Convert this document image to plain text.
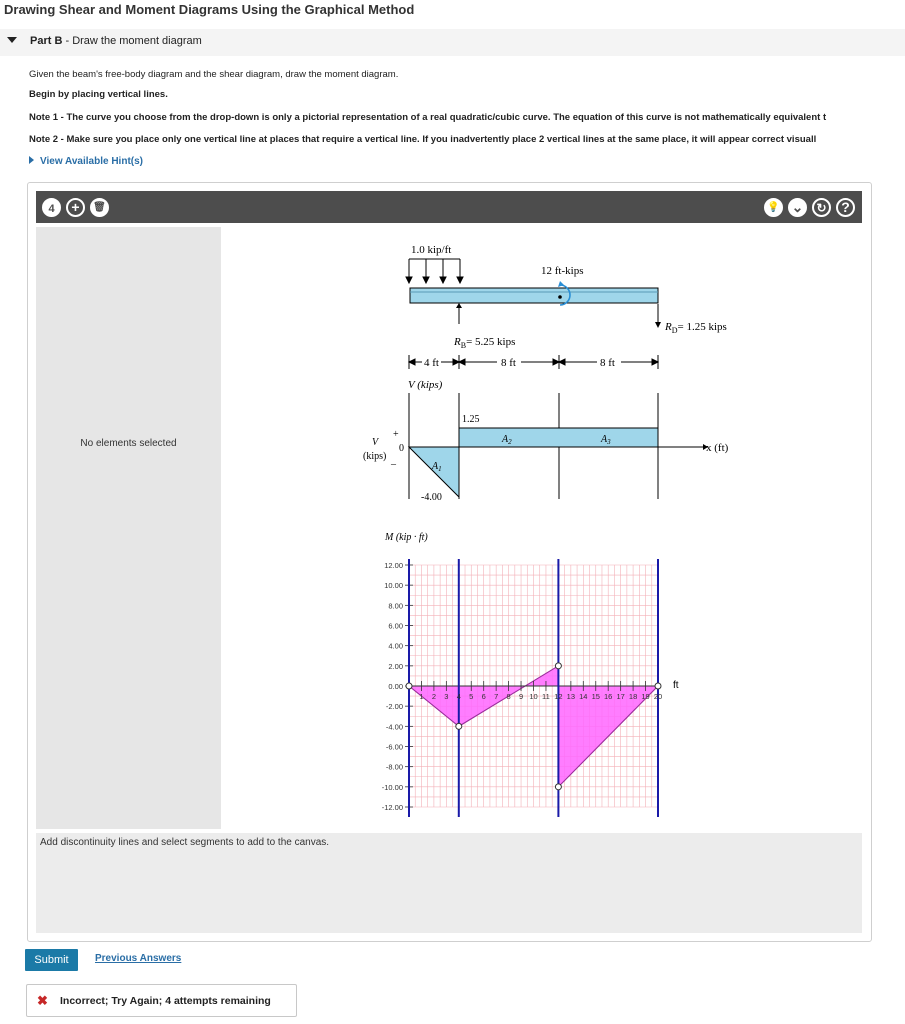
Drawing Shear and Moment Diagrams Using the Graphical Method
Part B - Draw the moment diagram
Given the beam's free-body diagram and the shear diagram, draw the moment diagram.
Begin by placing vertical lines.
Note 1 - The curve you choose from the drop-down is only a pictorial representation of a real quadratic/cubic curve. The equation of this curve is not mathematically equivalent t
Note 2 - Make sure you place only one vertical line at places that require a vertical line. If you inadvertently place 2 vertical lines at the same place, it will appear correct visuall
View Available Hint(s)
4	+	🗑	💡 ⌄	↻	?
No elements selected
1.0 kip/ft
12 ft-kips
$R_B= 5.25$ kips
$R_D= 1.25$ kips
4 ft	8 ft	8 ft
V (kips)
1.25
-4.00
$A_1$
$A_2$	$A_3$
V
(kips)
+
_
0	x (ft)
M (kip · ft)
12.00
10.00
8.00
6.00
4.00
2.00
0.00
-2.00
-4.00
-6.00
-8.00
-10.00
-12.00
1 2 3 4 5 6 7 8 9 10 11 12 13 14 15 16 17 18 19 20
ft
Add discontinuity lines and select segments to add to the canvas.
Submit	Previous Answers
✖ Incorrect; Try Again; 4 attempts remaining
